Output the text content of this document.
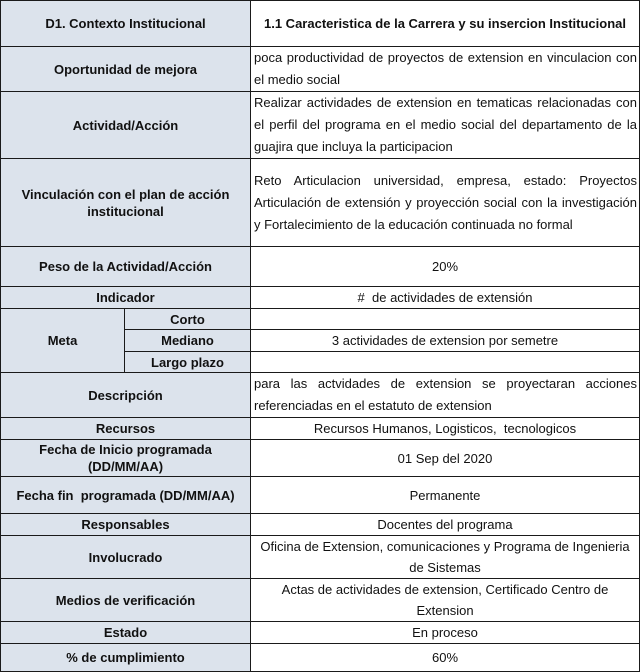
D1. Contexto Institucional		1.1 Caracteristica de la Carrera y su insercion Institucional
Oportunidad de mejora		poca productividad de proyectos de extension en vinculacion con el medio social
Actividad/Acción		Realizar actividades de extension en tematicas relacionadas con el perfil del programa en el medio social del departamento de la guajira que incluya la participacion
Vinculación con el plan de acción institucional		Reto Articulacion universidad, empresa, estado: Proyectos Articulación de extensión y proyección social con la investigación y Fortalecimiento de la educación continuada no formal
Peso de la Actividad/Acción		20%
Indicador		#  de actividades de extensión
Meta	Corto	
	Mediano	3 actividades de extension por semetre
	Largo plazo	
Descripción		para las actvidades de extension se proyectaran acciones referenciadas en el estatuto de extension
Recursos		Recursos Humanos, Logisticos,  tecnologicos
Fecha de Inicio programada (DD/MM/AA)		01 Sep del 2020
Fecha fin  programada (DD/MM/AA)		Permanente
Responsables		Docentes del programa
Involucrado		Oficina de Extension, comunicaciones y Programa de Ingenieria de Sistemas
Medios de verificación		Actas de actividades de extension, Certificado Centro de Extension
Estado		En proceso
% de cumplimiento		60%
